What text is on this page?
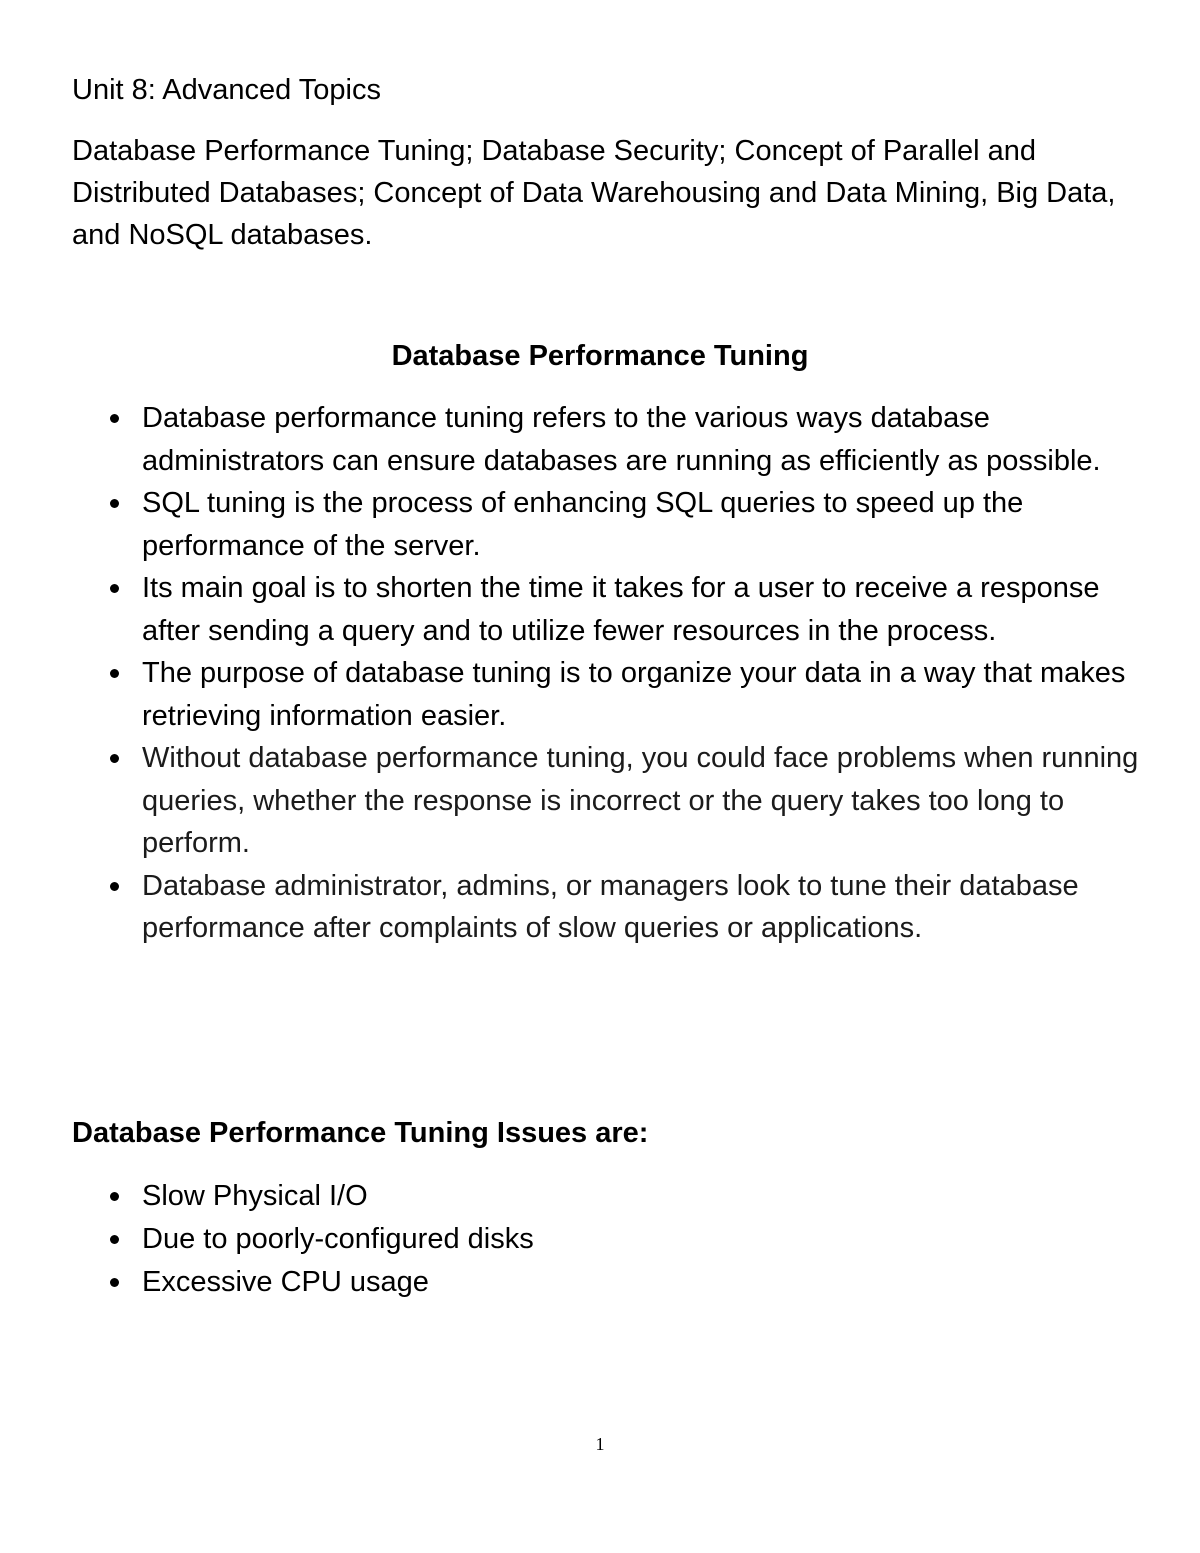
Unit 8: Advanced Topics

Database Performance Tuning; Database Security; Concept of Parallel and Distributed Databases; Concept of Data Warehousing and Data Mining, Big Data, and NoSQL databases.

Database Performance Tuning
Database performance tuning refers to the various ways database administrators can ensure databases are running as efficiently as possible.
SQL tuning is the process of enhancing SQL queries to speed up the performance of the server.
Its main goal is to shorten the time it takes for a user to receive a response after sending a query and to utilize fewer resources in the process.
The purpose of database tuning is to organize your data in a way that makes retrieving information easier.
Without database performance tuning, you could face problems when running queries, whether the response is incorrect or the query takes too long to perform.
Database administrator, admins, or managers look to tune their database performance after complaints of slow queries or applications.
Database Performance Tuning Issues are:
Slow Physical I/O
Due to poorly-configured disks
Excessive CPU usage
1
